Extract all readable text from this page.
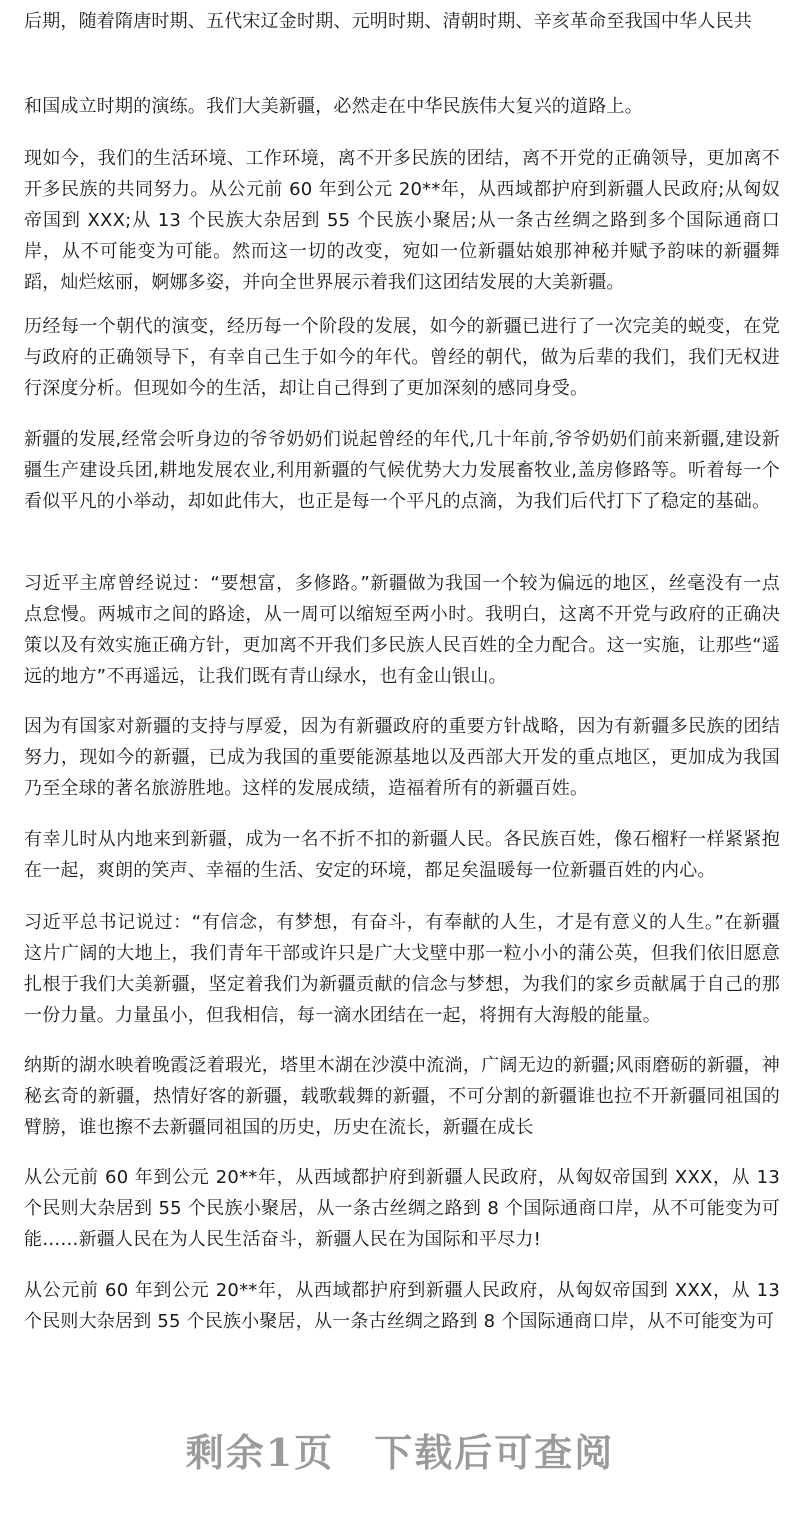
后期，随着隋唐时期、五代宋辽金时期、元明时期、清朝时期、辛亥革命至我国中华人民共

和国成立时期的演练。我们大美新疆，必然走在中华民族伟大复兴的道路上。

现如今，我们的生活环境、工作环境，离不开多民族的团结，离不开党的正确领导，更加离不开多民族的共同努力。从公元前 60 年到公元 20**年，从西域都护府到新疆人民政府;从匈奴帝国到 XXX;从 13 个民族大杂居到 55 个民族小聚居;从一条古丝绸之路到多个国际通商口岸，从不可能变为可能。然而这一切的改变，宛如一位新疆姑娘那神秘并赋予韵味的新疆舞蹈，灿烂炫丽，婀娜多姿，并向全世界展示着我们这团结发展的大美新疆。

历经每一个朝代的演变，经历每一个阶段的发展，如今的新疆已进行了一次完美的蜕变，在党与政府的正确领导下，有幸自己生于如今的年代。曾经的朝代，做为后辈的我们，我们无权进行深度分析。但现如今的生活，却让自己得到了更加深刻的感同身受。

新疆的发展,经常会听身边的爷爷奶奶们说起曾经的年代,几十年前,爷爷奶奶们前来新疆,建设新疆生产建设兵团,耕地发展农业,利用新疆的气候优势大力发展畜牧业,盖房修路等。听着每一个看似平凡的小举动，却如此伟大，也正是每一个平凡的点滴，为我们后代打下了稳定的基础。

习近平主席曾经说过：“要想富，多修路。”新疆做为我国一个较为偏远的地区，丝毫没有一点点怠慢。两城市之间的路途，从一周可以缩短至两小时。我明白，这离不开党与政府的正确决策以及有效实施正确方针，更加离不开我们多民族人民百姓的全力配合。这一实施，让那些“遥远的地方”不再遥远，让我们既有青山绿水，也有金山银山。

因为有国家对新疆的支持与厚爱，因为有新疆政府的重要方针战略，因为有新疆多民族的团结努力，现如今的新疆，已成为我国的重要能源基地以及西部大开发的重点地区，更加成为我国乃至全球的著名旅游胜地。这样的发展成绩，造福着所有的新疆百姓。

有幸儿时从内地来到新疆，成为一名不折不扣的新疆人民。各民族百姓，像石榴籽一样紧紧抱在一起，爽朗的笑声、幸福的生活、安定的环境，都足矣温暖每一位新疆百姓的内心。

习近平总书记说过：“有信念，有梦想，有奋斗，有奉献的人生，才是有意义的人生。”在新疆这片广阔的大地上，我们青年干部或许只是广大戈壁中那一粒小小的蒲公英，但我们依旧愿意扎根于我们大美新疆，坚定着我们为新疆贡献的信念与梦想，为我们的家乡贡献属于自己的那一份力量。力量虽小，但我相信，每一滴水团结在一起，将拥有大海般的能量。

纳斯的湖水映着晚霞泛着瑕光，塔里木湖在沙漠中流淌，广阔无边的新疆;风雨磨砺的新疆，神秘玄奇的新疆，热情好客的新疆，载歌载舞的新疆，不可分割的新疆谁也拉不开新疆同祖国的臂膀，谁也擦不去新疆同祖国的历史，历史在流长，新疆在成长

从公元前 60 年到公元 20**年，从西域都护府到新疆人民政府，从匈奴帝国到 XXX，从 13 个民则大杂居到 55 个民族小聚居，从一条古丝绸之路到 8 个国际通商口岸，从不可能变为可能……新疆人民在为人民生活奋斗，新疆人民在为国际和平尽力!

从公元前 60 年到公元 20**年，从西域都护府到新疆人民政府，从匈奴帝国到 XXX，从 13 个民则大杂居到 55 个民族小聚居，从一条古丝绸之路到 8 个国际通商口岸，从不可能变为可

剩余1页 下载后可查阅
